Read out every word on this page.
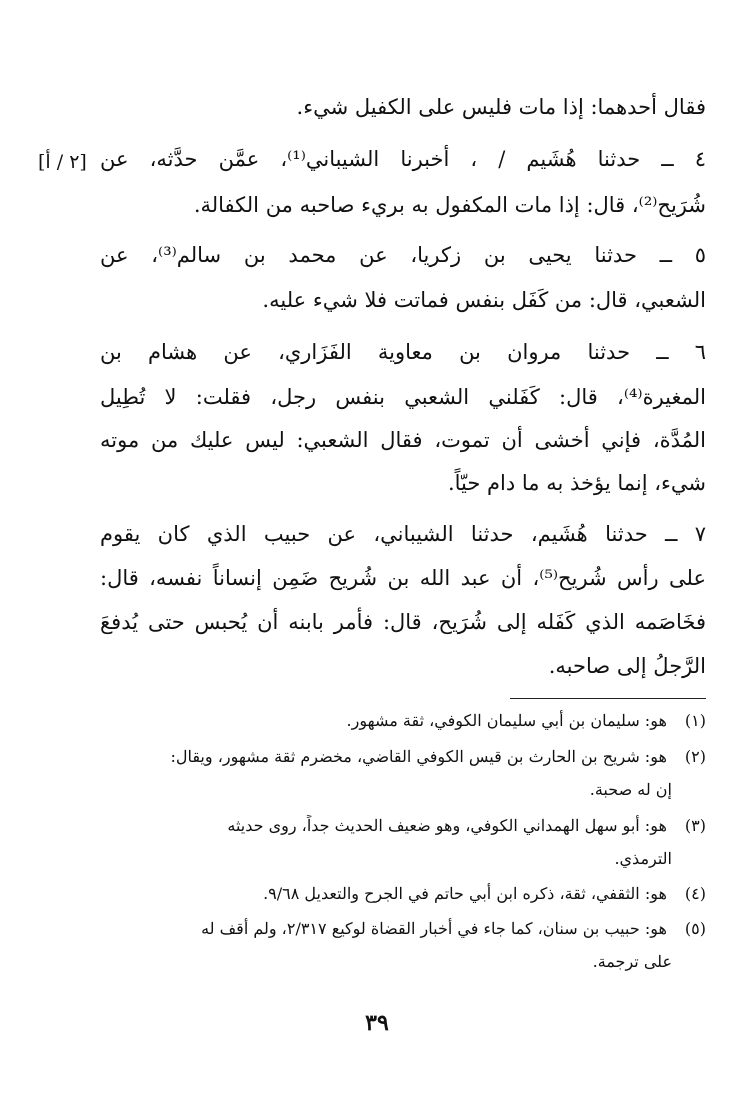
فقال أحدهما: إذا مات فليس على الكفيل شيء.
٤ ــ حدثنا هُشَيم / ، أخبرنا الشيباني⁽¹⁾، عمَّن حدَّثه، عن
شُرَيح⁽²⁾، قال: إذا مات المكفول به بريء صاحبه من الكفالة.
٥ ــ حدثنا يحيى بن زكريا، عن محمد بن سالم⁽³⁾، عن
الشعبي، قال: من كَفَل بنفس فماتت فلا شيء عليه.
٦ ــ حدثنا مروان بن معاوية الفَزَاري، عن هشام بن
المغيرة⁽⁴⁾، قال: كَفَلني الشعبي بنفس رجل، فقلت: لا تُطِيل
المُدَّة، فإني أخشى أن تموت، فقال الشعبي: ليس عليك من موته
شيء، إنما يؤخذ به ما دام حيّاً.
٧ ــ حدثنا هُشَيم، حدثنا الشيباني، عن حبيب الذي كان يقوم
على رأس شُريح⁽⁵⁾، أن عبد الله بن شُريح ضَمِن إنساناً نفسه، قال:
فخَاصَمه الذي كَفَله إلى شُرَيح، قال: فأمر بابنه أن يُحبس حتى يُدفعَ
الرَّجلُ إلى صاحبه.
[٢ / أ]
(١) هو: سليمان بن أبي سليمان الكوفي، ثقة مشهور.
(٢) هو: شريح بن الحارث بن قيس الكوفي القاضي، مخضرم ثقة مشهور، ويقال:
إن له صحبة.
(٣) هو: أبو سهل الهمداني الكوفي، وهو ضعيف الحديث جداً، روى حديثه
الترمذي.
(٤) هو: الثقفي، ثقة، ذكره ابن أبي حاتم في الجرح والتعديل ٩/٦٨.
(٥) هو: حبيب بن سنان، كما جاء في أخبار القضاة لوكيع ٢/٣١٧، ولم أقف له
على ترجمة.
٣٩
